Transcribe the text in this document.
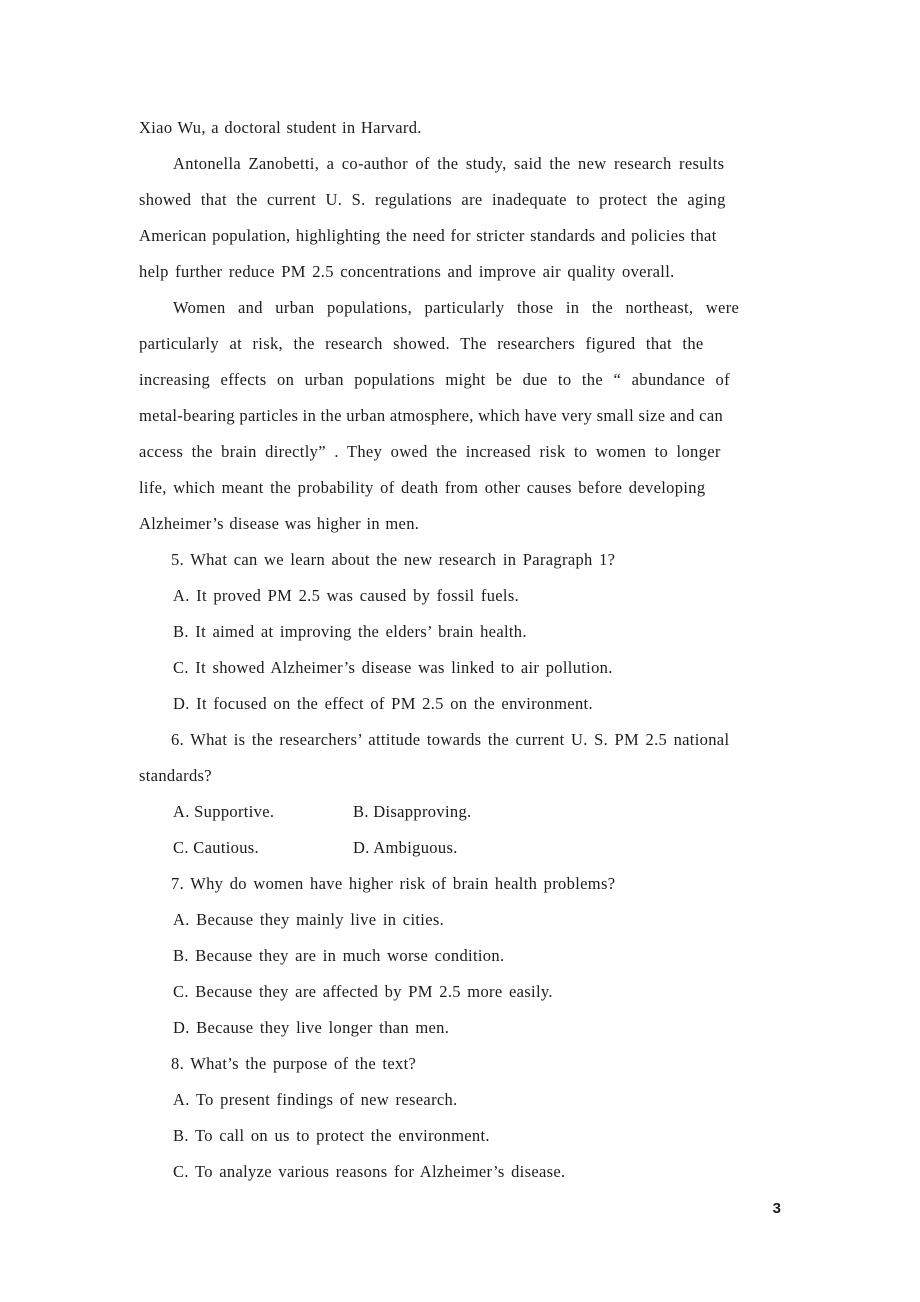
Xiao Wu, a doctoral student in Harvard.
Antonella Zanobetti, a co-author of the study, said the new research results
showed that the current U. S. regulations are inadequate to protect the aging
American population, highlighting the need for stricter standards and policies that
help further reduce PM 2.5 concentrations and improve air quality overall.
Women and urban populations, particularly those in the northeast, were
particularly at risk, the research showed. The researchers figured that the
increasing effects on urban populations might be due to the “ abundance of
metal-bearing particles in the urban atmosphere, which have very small size and can
access the brain directly” . They owed the increased risk to women to longer
life, which meant the probability of death from other causes before developing
Alzheimer’s disease was higher in men.
5. What can we learn about the new research in Paragraph 1?
A. It proved PM 2.5 was caused by fossil fuels.
B. It aimed at improving the elders’ brain health.
C. It showed Alzheimer’s disease was linked to air pollution.
D. It focused on the effect of PM 2.5 on the environment.
6. What is the researchers’ attitude towards the current U. S. PM 2.5 national
standards?
A. Supportive.	B. Disapproving.
C. Cautious.	D. Ambiguous.
7. Why do women have higher risk of brain health problems?
A. Because they mainly live in cities.
B. Because they are in much worse condition.
C. Because they are affected by PM 2.5 more easily.
D. Because they live longer than men.
8. What’s the purpose of the text?
A. To present findings of new research.
B. To call on us to protect the environment.
C. To analyze various reasons for Alzheimer’s disease.
3
